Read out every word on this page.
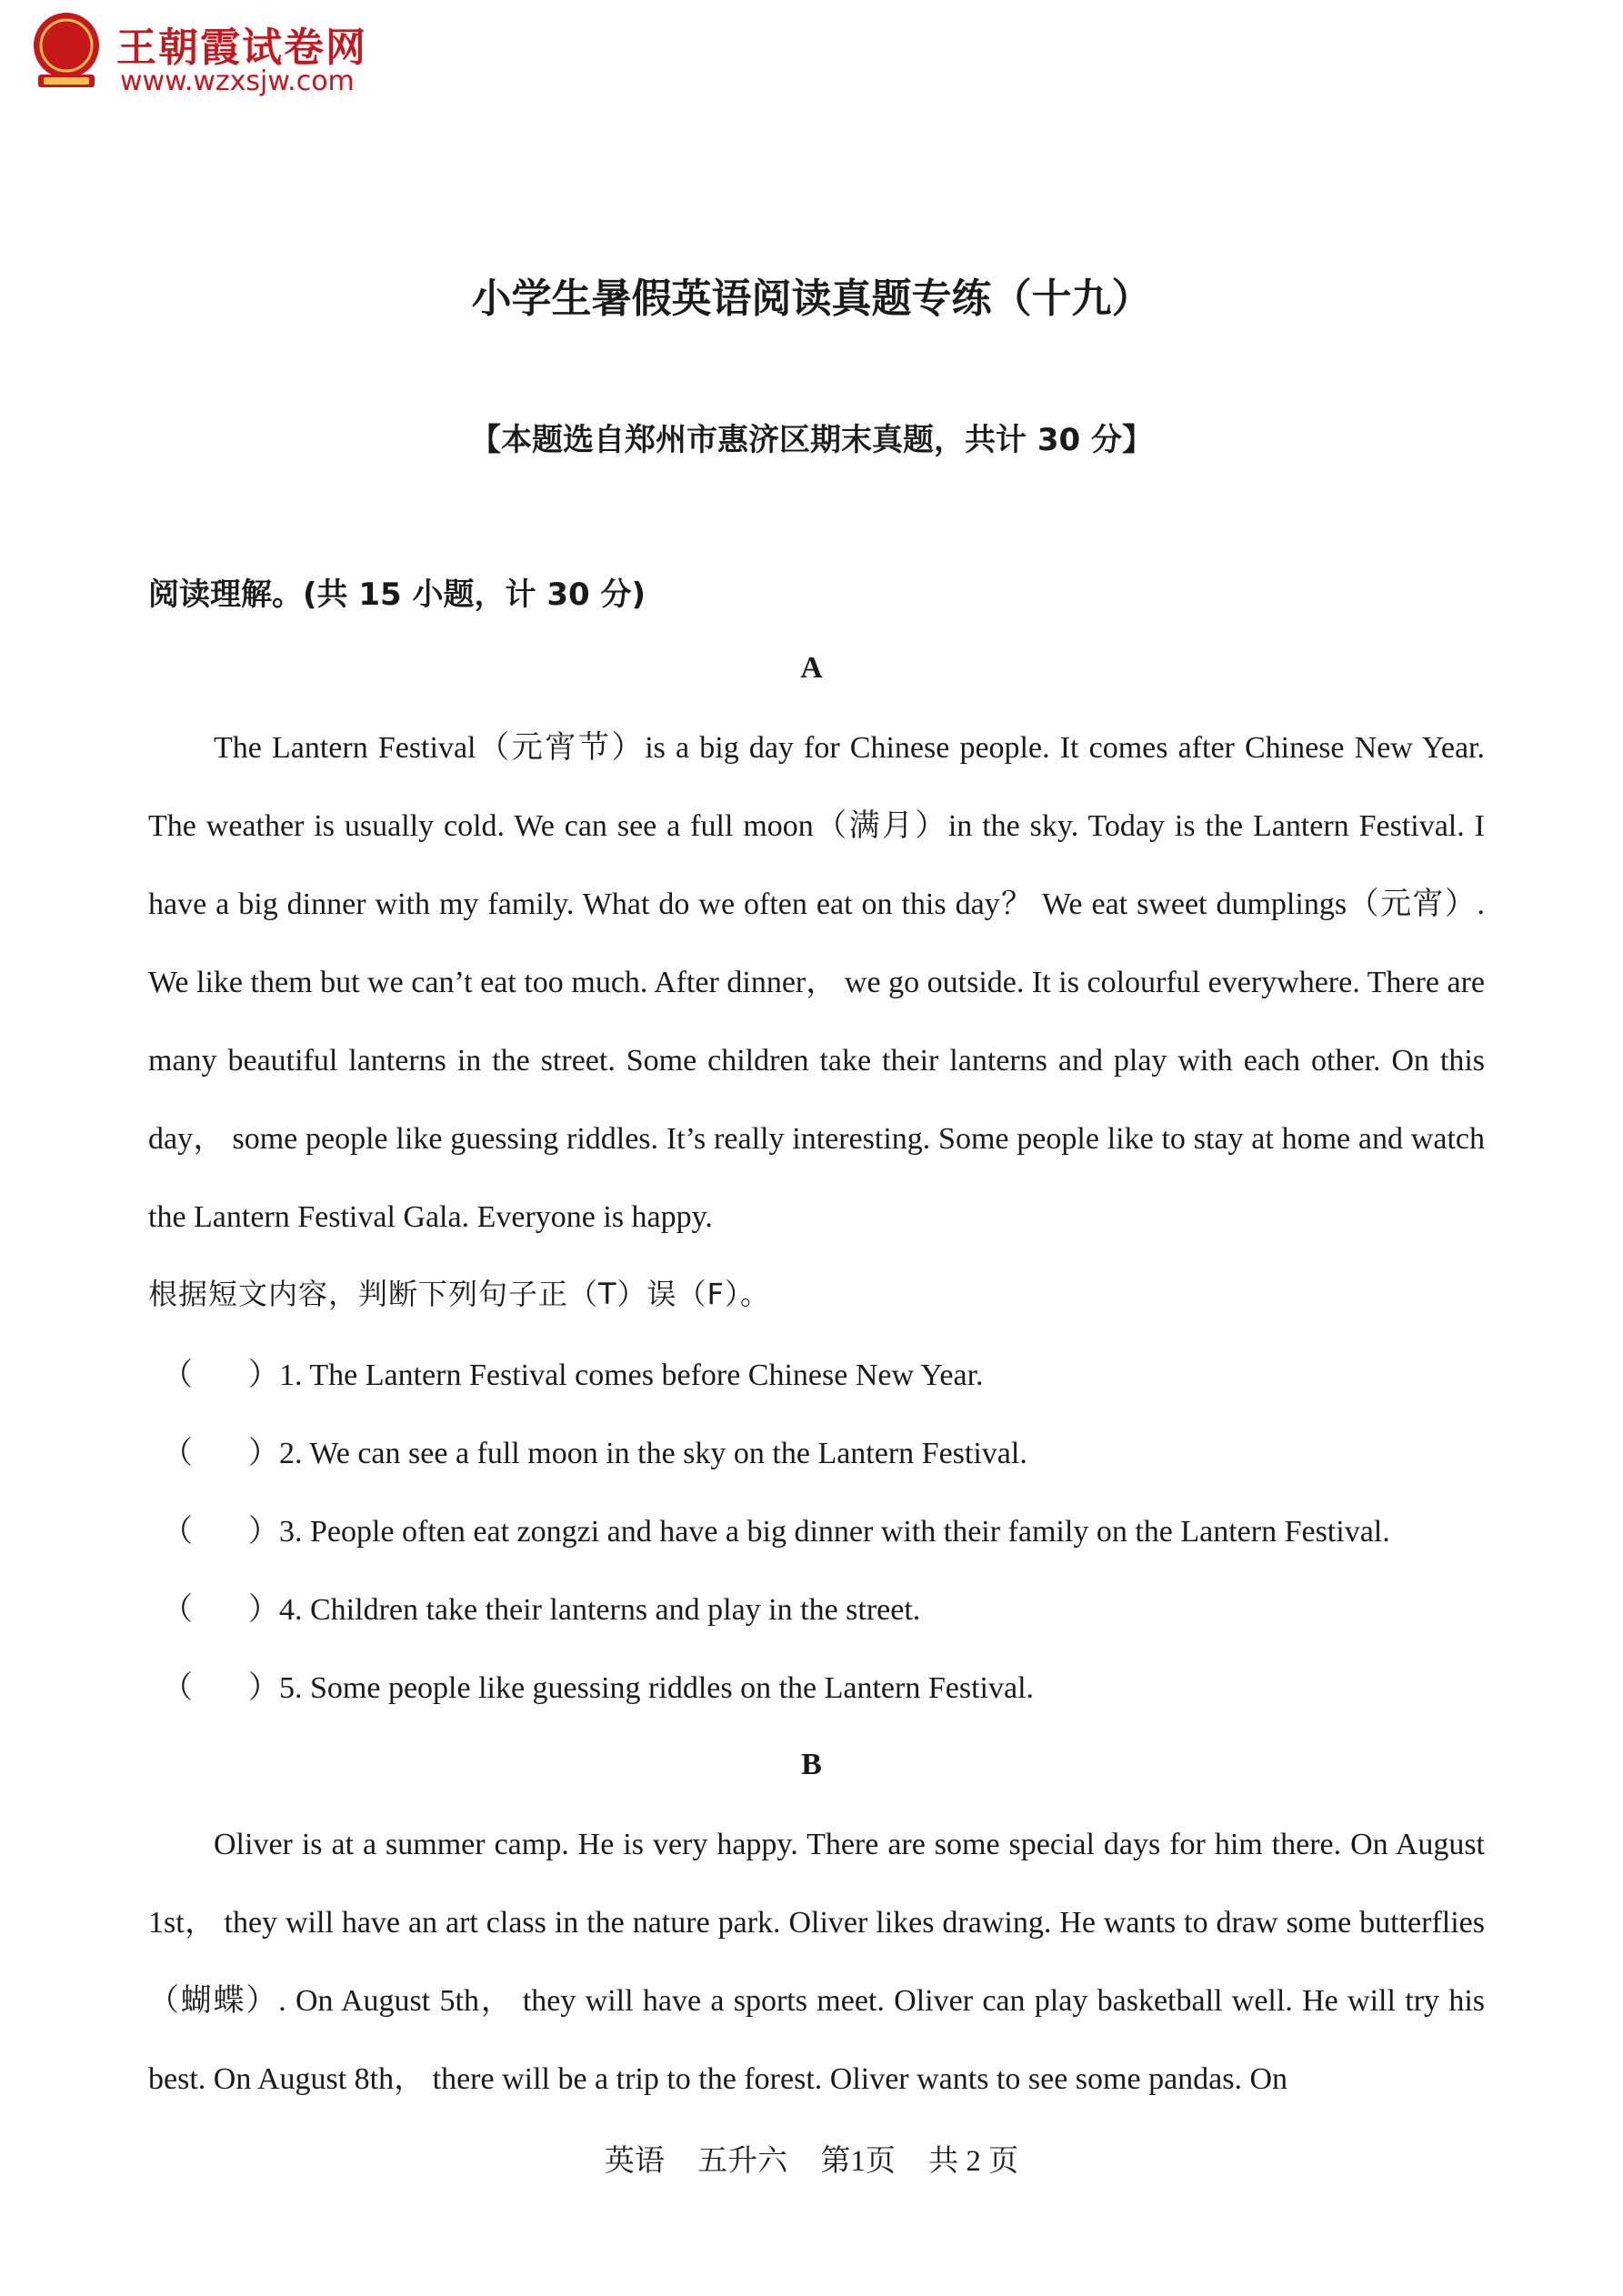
王朝霞试卷网
www.wzxsjw.com
小学生暑假英语阅读真题专练（十九）
【本题选自郑州市惠济区期末真题，共计 30 分】
阅读理解。(共 15 小题，计 30 分)
A

The Lantern Festival（元宵节）is a big day for Chinese people. It comes after Chinese New Year. The weather is usually cold. We can see a full moon（满月）in the sky. Today is the Lantern Festival. I have a big dinner with my family. What do we often eat on this day？ We eat sweet dumplings（元宵）. We like them but we can’t eat too much. After dinner， we go outside. It is colourful everywhere. There are many beautiful lanterns in the street. Some children take their lanterns and play with each other. On this day， some people like guessing riddles. It’s really interesting. Some people like to stay at home and watch the Lantern Festival Gala. Everyone is happy.

根据短文内容，判断下列句子正（T）误（F）。
（ ）1. The Lantern Festival comes before Chinese New Year.
（ ）2. We can see a full moon in the sky on the Lantern Festival.
（ ）3. People often eat zongzi and have a big dinner with their family on the Lantern Festival.
（ ）4. Children take their lanterns and play in the street.
（ ）5. Some people like guessing riddles on the Lantern Festival.
B

Oliver is at a summer camp. He is very happy. There are some special days for him there. On August 1st， they will have an art class in the nature park. Oliver likes drawing. He wants to draw some butterflies（蝴蝶）. On August 5th， they will have a sports meet. Oliver can play basketball well. He will try his best. On August 8th， there will be a trip to the forest. Oliver wants to see some pandas. On

英语 五升六 第1页 共 2 页
